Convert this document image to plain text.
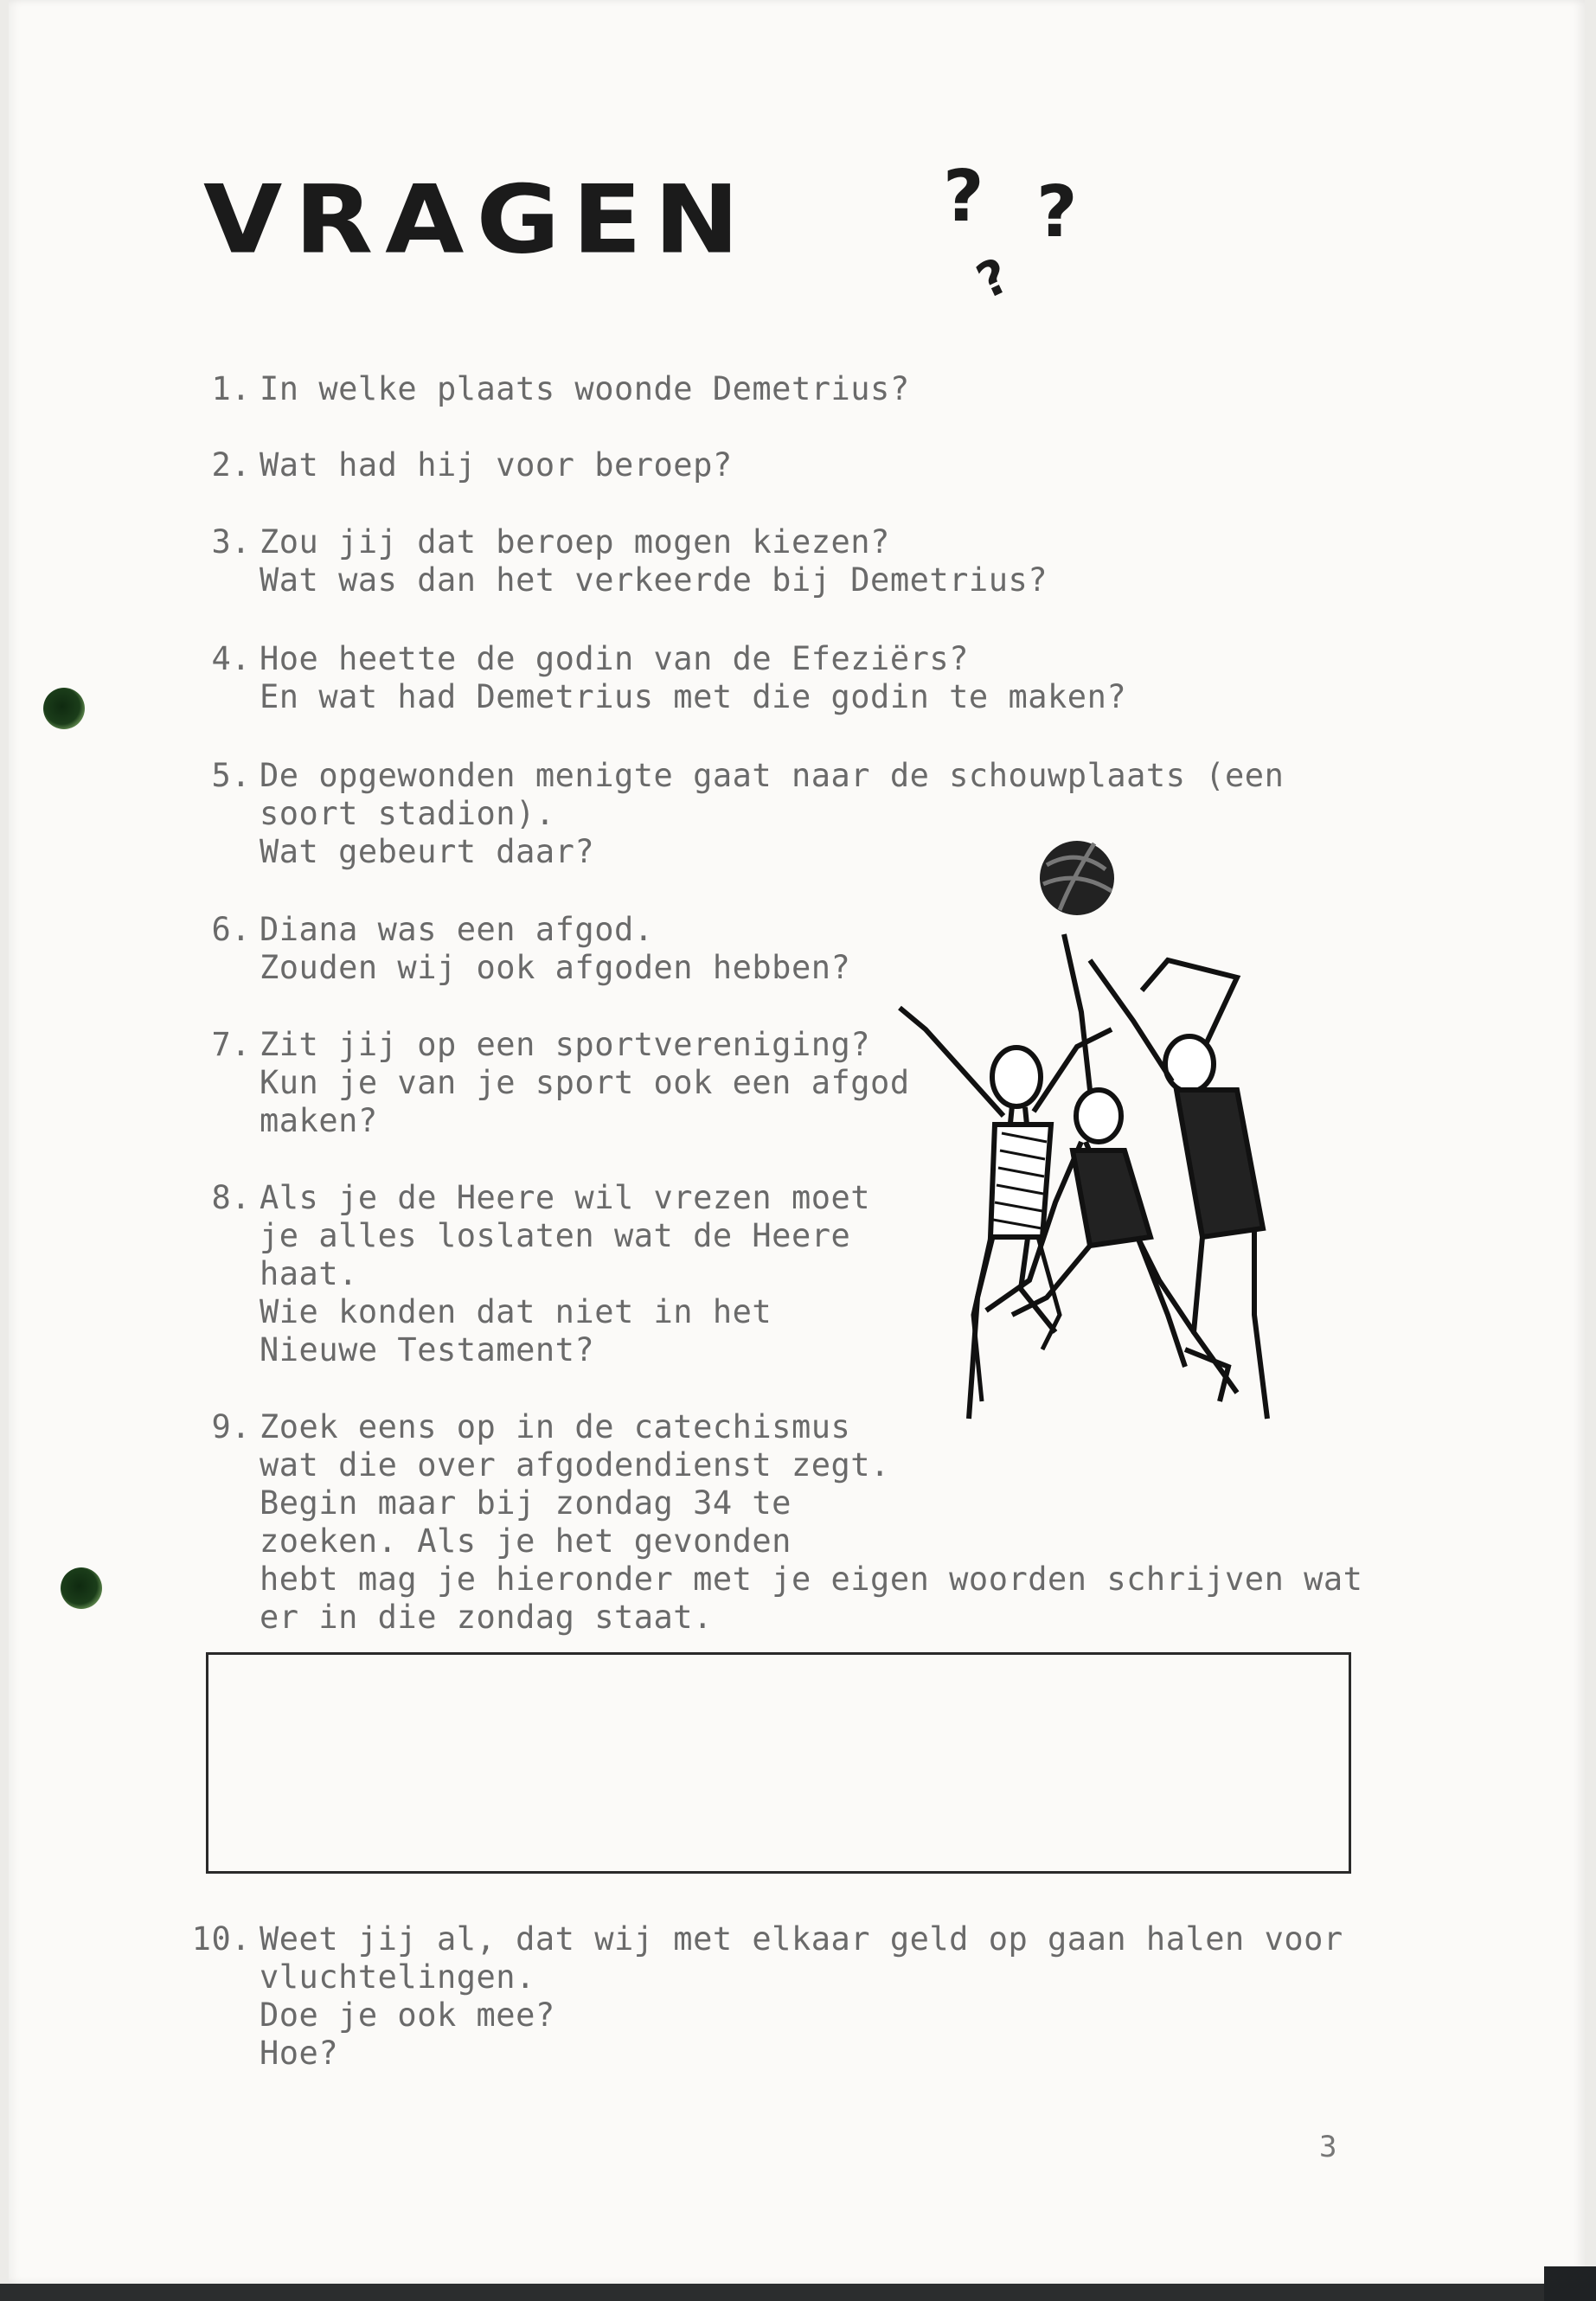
VRAGEN	? ?
?
1. In welke plaats woonde Demetrius?
2. Wat had hij voor beroep?
3. Zou jij dat beroep mogen kiezen?
Wat was dan het verkeerde bij Demetrius?
4. Hoe heette de godin van de Efeziërs?
En wat had Demetrius met die godin te maken?
5. De opgewonden menigte gaat naar de schouwplaats (een
soort stadion).
Wat gebeurt daar?
6. Diana was een afgod.
Zouden wij ook afgoden hebben?
7. Zit jij op een sportvereniging?
Kun je van je sport ook een afgod
maken?
8. Als je de Heere wil vrezen moet
je alles loslaten wat de Heere
haat.
Wie konden dat niet in het
Nieuwe Testament?
9. Zoek eens op in de catechismus
wat die over afgodendienst zegt.
Begin maar bij zondag 34 te
zoeken. Als je het gevonden
hebt mag je hieronder met je eigen woorden schrijven wat
er in die zondag staat.
10. Weet jij al, dat wij met elkaar geld op gaan halen voor
vluchtelingen.
Doe je ook mee?
Hoe?
3
